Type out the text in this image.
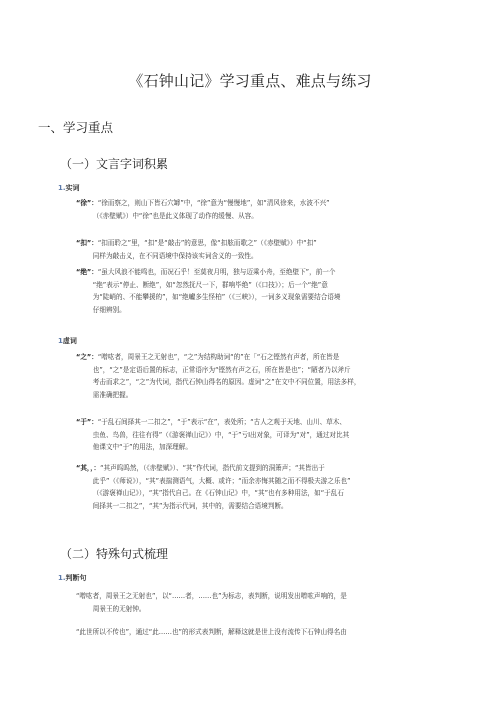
《石钟山记》学习重点、难点与练习
一、学习重点
（一）文言字词积累
1.实词
“徐”：“徐而察之，则山下皆石穴罅”中，“徐”意为“慢慢地”，如“清风徐来，水波不兴”
（《赤壁赋》）中“徐”也是此义体现了动作的缓慢、从容。
“扣”：“扣而聆之”里，“扣”是“敲击”的意思，像“扣舷而歌之”（《赤壁赋》）中“扣”
同样为敲击义，在不同语境中保持该实词含义的一致性。
“绝”：“虽大风浪不能鸣也，而况石乎！至莫夜月明，独与迈乘小舟，至绝壁下”，前一个
“绝”表示“停止、断绝”，如“忽然抚尺一下，群响毕绝”（《口技》）；后一个“绝”意
为“陡峭的、不能攀援的”，如“绝巘多生怪柏”（《三峡》），一词多义现象需要结合语境
仔细辨别。
1虚词
“之”：“噌吰者，周景王之无射也”，“之”为结构助词“的”在「“石之铿然有声者，所在皆是
也”，“之”是定语后置的标志，正常语序为“铿然有声之石，所在皆是也”；“陋者乃以斧斤
考击而求之”，“之”为代词，指代石钟山得名的原因。虚词“之”在文中不同位置，用法多样，
需准确把握。
“于”：“于乱石间择其一二扣之”，“于”表示“在”，表处所；“古人之观于天地、山川、草木、
虫鱼、鸟兽，往往有得”（《游褒禅山记》）中，“于”亏I出对象，可译为“对”，通过对比其
他课文中“于”的用法，加深理解。
“其，，：“其声呜呜然，（《赤壁赋》）、“其”作代词，指代前文提到的洞箫声；“其皆出于
此乎”（《师说》），“其”表揣测语气，大概、或许；“而余亦悔其随之而不得极夫游之乐也”
（《游褒禅山记》），“其”指代自己。在《石钟山记》中，“其”也有多种用法，如“于乱石
间择其一二扣之”，“其”为指示代词，其中的，需要结合语境判断。
（二）特殊句式梳理
1.判断句
“噌吰者，周景王之无射也”，以“……者，……也”为标志，表判断，说明发出噌吰声响的，是
周景王的无射钟。
“此世所以不传也”，通过“此……也”的形式表判断，解释这就是世上没有流传下石钟山得名由
